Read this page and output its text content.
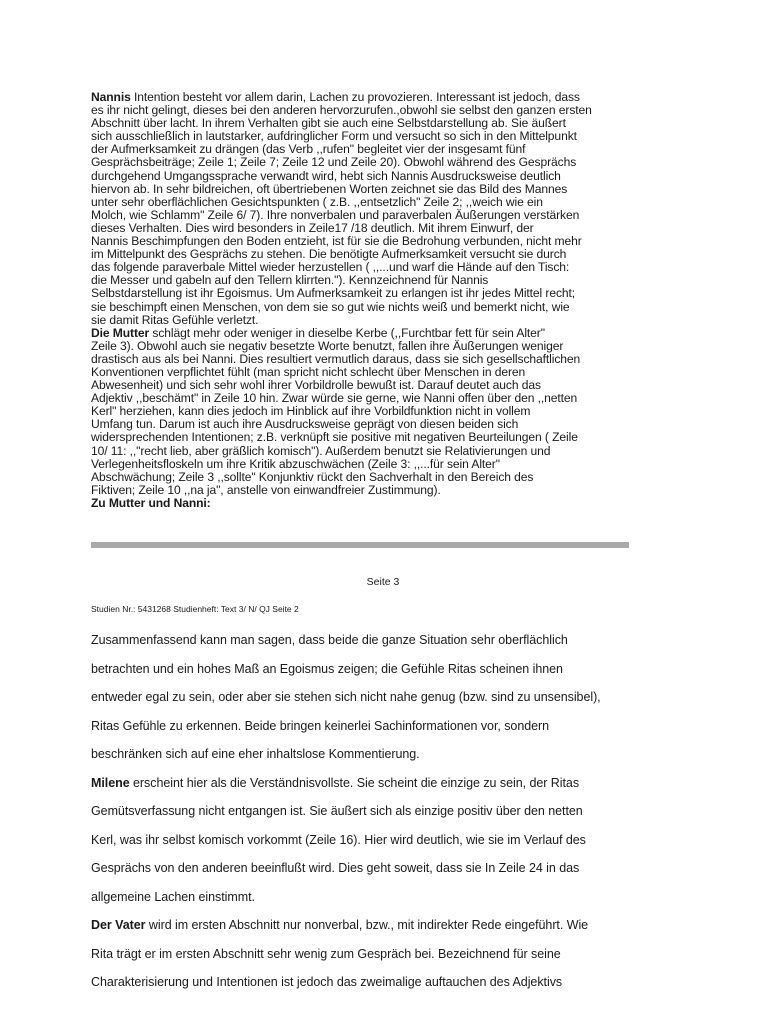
Nannis Intention besteht vor allem darin, Lachen zu provozieren. Interessant ist jedoch, dass

es ihr nicht gelingt, dieses bei den anderen hervorzurufen.,obwohl sie selbst den ganzen ersten

Abschnitt über lacht. In ihrem Verhalten gibt sie auch eine Selbstdarstellung ab. Sie äußert

sich ausschließlich in lautstarker, aufdringlicher Form und versucht so sich in den Mittelpunkt

der Aufmerksamkeit zu drängen (das Verb ,,rufen" begleitet vier der insgesamt fünf

Gesprächsbeiträge; Zeile 1; Zeile 7; Zeile 12 und Zeile 20). Obwohl während des Gesprächs

durchgehend Umgangssprache verwandt wird, hebt sich Nannis Ausdrucksweise deutlich

hiervon ab. In sehr bildreichen, oft übertriebenen Worten zeichnet sie das Bild des Mannes

unter sehr oberflächlichen Gesichtspunkten ( z.B. ,,entsetzlich" Zeile 2; ,,weich wie ein

Molch, wie Schlamm" Zeile 6/ 7). Ihre nonverbalen und paraverbalen Äußerungen verstärken

dieses Verhalten. Dies wird besonders in Zeile17 /18 deutlich. Mit ihrem Einwurf, der

Nannis Beschimpfungen den Boden entzieht, ist für sie die Bedrohung verbunden, nicht mehr

im Mittelpunkt des Gesprächs zu stehen. Die benötigte Aufmerksamkeit versucht sie durch

das folgende paraverbale Mittel wieder herzustellen ( ,,...und warf die Hände auf den Tisch:

die Messer und gabeln auf den Tellern klirrten."). Kennzeichnend für Nannis

Selbstdarstellung ist ihr Egoismus. Um Aufmerksamkeit zu erlangen ist ihr jedes Mittel recht;

sie beschimpft einen Menschen, von dem sie so gut wie nichts weiß und bemerkt nicht, wie

sie damit Ritas Gefühle verletzt.

Die Mutter schlägt mehr oder weniger in dieselbe Kerbe (,,Furchtbar fett für sein Alter"

Zeile 3). Obwohl auch sie negativ besetzte Worte benutzt, fallen ihre Äußerungen weniger

drastisch aus als bei Nanni. Dies resultiert vermutlich daraus, dass sie sich gesellschaftlichen

Konventionen verpflichtet fühlt (man spricht nicht schlecht über Menschen in deren

Abwesenheit) und sich sehr wohl ihrer Vorbildrolle bewußt ist. Darauf deutet auch das

Adjektiv ,,beschämt" in Zeile 10 hin. Zwar würde sie gerne, wie Nanni offen über den ,,netten

Kerl" herziehen, kann dies jedoch im Hinblick auf ihre Vorbildfunktion nicht in vollem

Umfang tun. Darum ist auch ihre Ausdrucksweise geprägt von diesen beiden sich

widersprechenden Intentionen; z.B. verknüpft sie positive mit negativen Beurteilungen ( Zeile

10/ 11: ,,"recht lieb, aber gräßlich komisch"). Außerdem benutzt sie Relativierungen und

Verlegenheitsfloskeln um ihre Kritik abzuschwächen (Zeile 3: ,,...für sein Alter"

Abschwächung; Zeile 3 ,,sollte" Konjunktiv rückt den Sachverhalt in den Bereich des

Fiktiven; Zeile 10 ,,na ja", anstelle von einwandfreier Zustimmung).

Zu Mutter und Nanni:

Seite 3
Studien Nr.: 5431268 Studienheft: Text 3/ N/ QJ Seite 2

Zusammenfassend kann man sagen, dass beide die ganze Situation sehr oberflächlich

betrachten und ein hohes Maß an Egoismus zeigen; die Gefühle Ritas scheinen ihnen

entweder egal zu sein, oder aber sie stehen sich nicht nahe genug (bzw. sind zu unsensibel),

Ritas Gefühle zu erkennen. Beide bringen keinerlei Sachinformationen vor, sondern

beschränken sich auf eine eher inhaltslose Kommentierung.

Milene erscheint hier als die Verständnisvollste. Sie scheint die einzige zu sein, der Ritas

Gemütsverfassung nicht entgangen ist. Sie äußert sich als einzige positiv über den netten

Kerl, was ihr selbst komisch vorkommt (Zeile 16). Hier wird deutlich, wie sie im Verlauf des

Gesprächs von den anderen beeinflußt wird. Dies geht soweit, dass sie In Zeile 24 in das

allgemeine Lachen einstimmt.

Der Vater wird im ersten Abschnitt nur nonverbal, bzw., mit indirekter Rede eingeführt. Wie

Rita trägt er im ersten Abschnitt sehr wenig zum Gespräch bei. Bezeichnend für seine

Charakterisierung und Intentionen ist jedoch das zweimalige auftauchen des Adjektivs
